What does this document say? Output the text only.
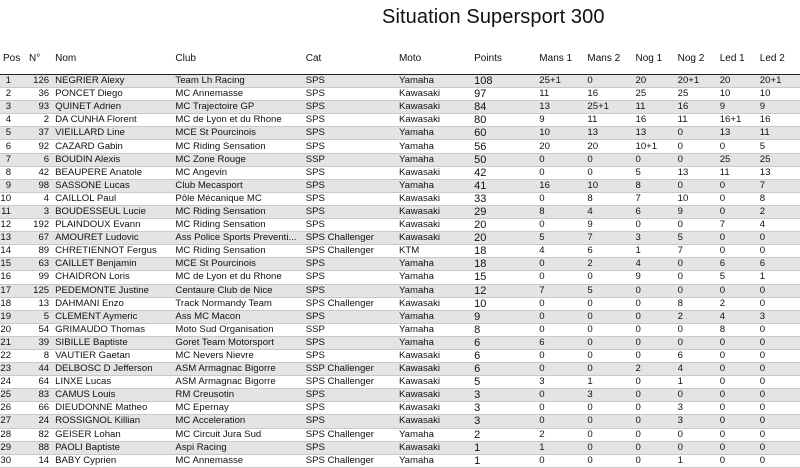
Situation Supersport 300
Pos	N°	Nom	Club	Cat	Moto	Points	Mans 1	Mans 2	Nog 1	Nog 2	Led 1	Led 2

1	126	NEGRIER Alexy	Team Lh Racing	SPS	Yamaha	108	25+1	0	20	20+1	20	20+1
2	36	PONCET Diego	MC Annemasse	SPS	Kawasaki	97	11	16	25	25	10	10
3	93	QUINET Adrien	MC Trajectoire GP	SPS	Kawasaki	84	13	25+1	11	16	9	9
4	2	DA CUNHA Florent	MC de Lyon et du Rhone	SPS	Kawasaki	80	9	11	16	11	16+1	16
5	37	VIEILLARD Line	MCE St Pourcinois	SPS	Yamaha	60	10	13	13	0	13	11
6	92	CAZARD Gabin	MC Riding Sensation	SPS	Yamaha	56	20	20	10+1	0	0	5
7	6	BOUDIN Alexis	MC Zone Rouge	SSP	Yamaha	50	0	0	0	0	25	25
8	42	BEAUPERE Anatole	MC Angevin	SPS	Kawasaki	42	0	0	5	13	11	13
9	98	SASSONE Lucas	Club Mecasport	SPS	Yamaha	41	16	10	8	0	0	7
10	4	CAILLOL Paul	Pôle Mécanique MC	SPS	Kawasaki	33	0	8	7	10	0	8
11	3	BOUDESSEUL Lucie	MC Riding Sensation	SPS	Kawasaki	29	8	4	6	9	0	2
12	192	PLAINDOUX Evann	MC Riding Sensation	SPS	Kawasaki	20	0	9	0	0	7	4
13	67	AMOURET Ludovic	Ass Police Sports Preventi...	SPS Challenger	Kawasaki	20	5	7	3	5	0	0
14	89	CHRETIENNOT Fergus	MC Riding Sensation	SPS Challenger	KTM	18	4	6	1	7	0	0
15	63	CAILLET Benjamin	MCE St Pourcinois	SPS	Yamaha	18	0	2	4	0	6	6
16	99	CHAIDRON Loris	MC de Lyon et du Rhone	SPS	Yamaha	15	0	0	9	0	5	1
17	125	PEDEMONTE Justine	Centaure Club de Nice	SPS	Yamaha	12	7	5	0	0	0	0
18	13	DAHMANI Enzo	Track Normandy Team	SPS Challenger	Kawasaki	10	0	0	0	8	2	0
19	5	CLEMENT Aymeric	Ass MC Macon	SPS	Yamaha	9	0	0	0	2	4	3
20	54	GRIMAUDO Thomas	Moto Sud Organisation	SSP	Yamaha	8	0	0	0	0	8	0
21	39	SIBILLE Baptiste	Goret Team Motorsport	SPS	Yamaha	6	6	0	0	0	0	0
22	8	VAUTIER Gaetan	MC Nevers Nievre	SPS	Kawasaki	6	0	0	0	6	0	0
23	44	DELBOSC D Jefferson	ASM Armagnac Bigorre	SSP Challenger	Kawasaki	6	0	0	2	4	0	0
24	64	LINXE Lucas	ASM Armagnac Bigorre	SPS Challenger	Kawasaki	5	3	1	0	1	0	0
25	83	CAMUS Louis	RM Creusotin	SPS	Kawasaki	3	0	3	0	0	0	0
26	66	DIEUDONNE Matheo	MC Epernay	SPS	Kawasaki	3	0	0	0	3	0	0
27	24	ROSSIGNOL Killian	MC Acceleration	SPS	Kawasaki	3	0	0	0	3	0	0
28	82	GEISER Lohan	MC Circuit Jura Sud	SPS Challenger	Yamaha	2	2	0	0	0	0	0
29	88	PAOLI Baptiste	Aspi Racing	SPS	Kawasaki	1	1	0	0	0	0	0
30	14	BABY Cyprien	MC Annemasse	SPS Challenger	Yamaha	1	0	0	0	1	0	0
